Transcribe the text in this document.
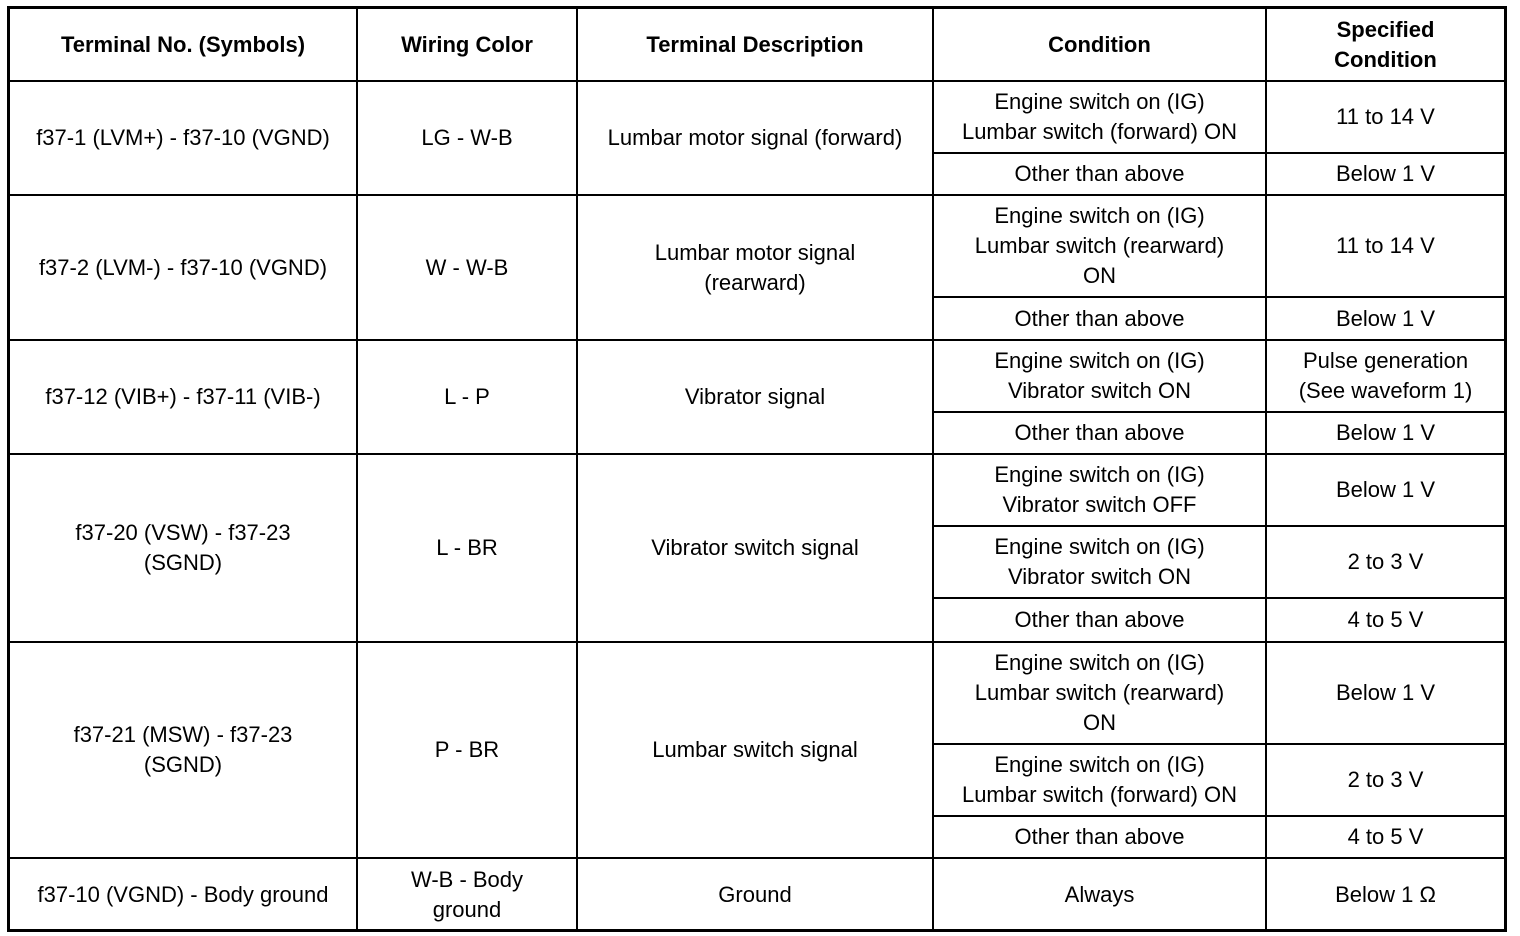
Terminal No. (Symbols)	Wiring Color	Terminal Description	Condition	Specified
Condition
f37-1 (LVM+) - f37-10 (VGND)	LG - W-B	Lumbar motor signal (forward)	Engine switch on (IG)
Lumbar switch (forward) ON	11 to 14 V
			Other than above	Below 1 V
f37-2 (LVM-) - f37-10 (VGND)	W - W-B	Lumbar motor signal
(rearward)	Engine switch on (IG)
Lumbar switch (rearward)
ON	11 to 14 V
			Other than above	Below 1 V
f37-12 (VIB+) - f37-11 (VIB-)	L - P	Vibrator signal	Engine switch on (IG)
Vibrator switch ON	Pulse generation
(See waveform 1)
			Other than above	Below 1 V
f37-20 (VSW) - f37-23
(SGND)	L - BR	Vibrator switch signal	Engine switch on (IG)
Vibrator switch OFF	Below 1 V
			Engine switch on (IG)
Vibrator switch ON	2 to 3 V
			Other than above	4 to 5 V
f37-21 (MSW) - f37-23
(SGND)	P - BR	Lumbar switch signal	Engine switch on (IG)
Lumbar switch (rearward)
ON	Below 1 V
			Engine switch on (IG)
Lumbar switch (forward) ON	2 to 3 V
			Other than above	4 to 5 V
f37-10 (VGND) - Body ground	W-B - Body
ground	Ground	Always	Below 1 Ω
